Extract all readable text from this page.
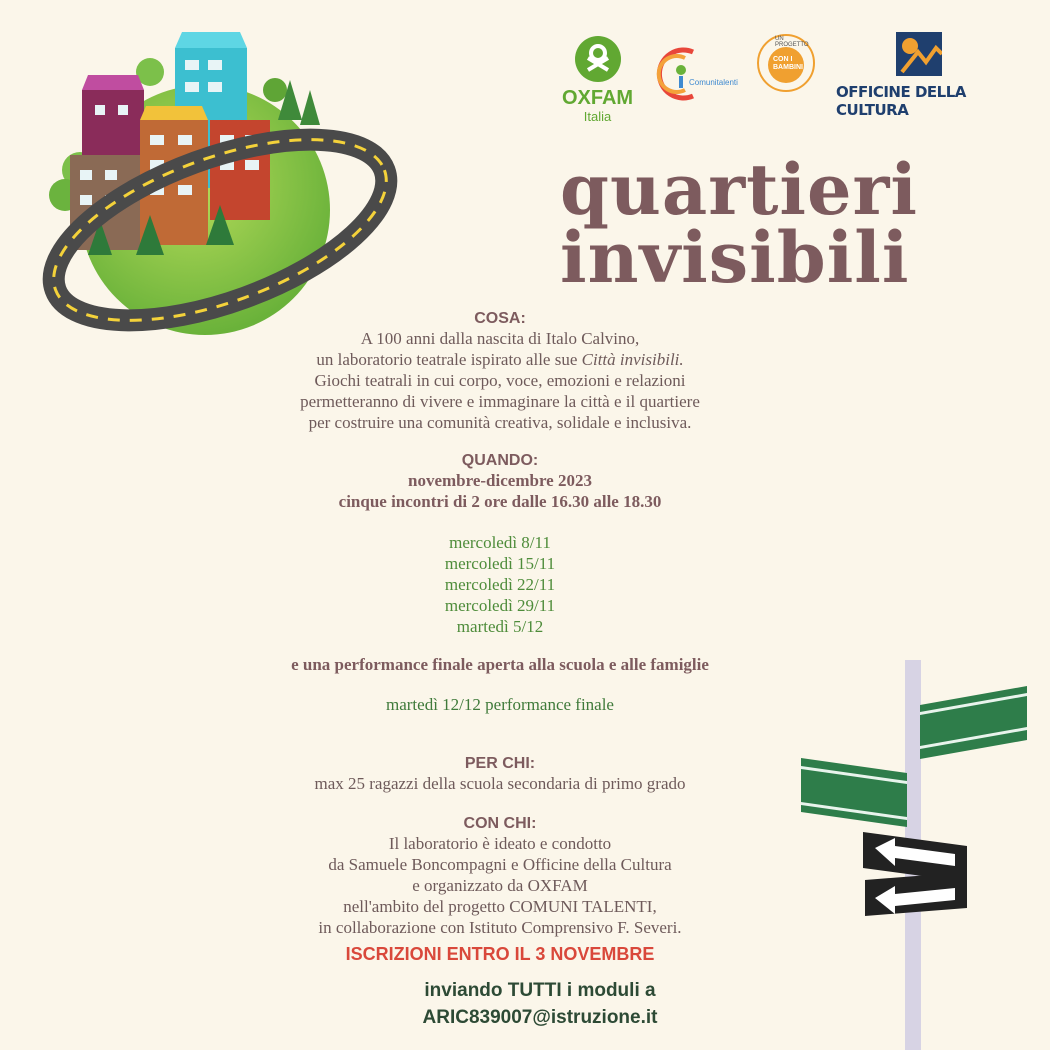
OXFAM
Italia
Comunitalenti
UN PROGETTO
CON I BAMBINI
OFFICINE DELLA CULTURA
quartieri
invisibili
COSA:
A 100 anni dalla nascita di Italo Calvino,
un laboratorio teatrale ispirato alle sue Città invisibili.
Giochi teatrali in cui corpo, voce, emozioni e relazioni
permetteranno di vivere e immaginare la città e il quartiere
per costruire una comunità creativa, solidale e inclusiva.
QUANDO:
novembre-dicembre 2023
cinque incontri di 2 ore dalle 16.30 alle 18.30
mercoledì 8/11
mercoledì 15/11
mercoledì 22/11
mercoledì 29/11
martedì 5/12
e una performance finale aperta alla scuola e alle famiglie
martedì 12/12 performance finale
PER CHI:
max 25 ragazzi della scuola secondaria di primo grado
CON CHI:
Il laboratorio è ideato e condotto
da Samuele Boncompagni e Officine della Cultura
e organizzato da OXFAM
nell'ambito del progetto COMUNI TALENTI,
in collaborazione con Istituto Comprensivo F. Severi.
ISCRIZIONI ENTRO IL 3 NOVEMBRE
inviando TUTTI i moduli a
ARIC839007@istruzione.it
